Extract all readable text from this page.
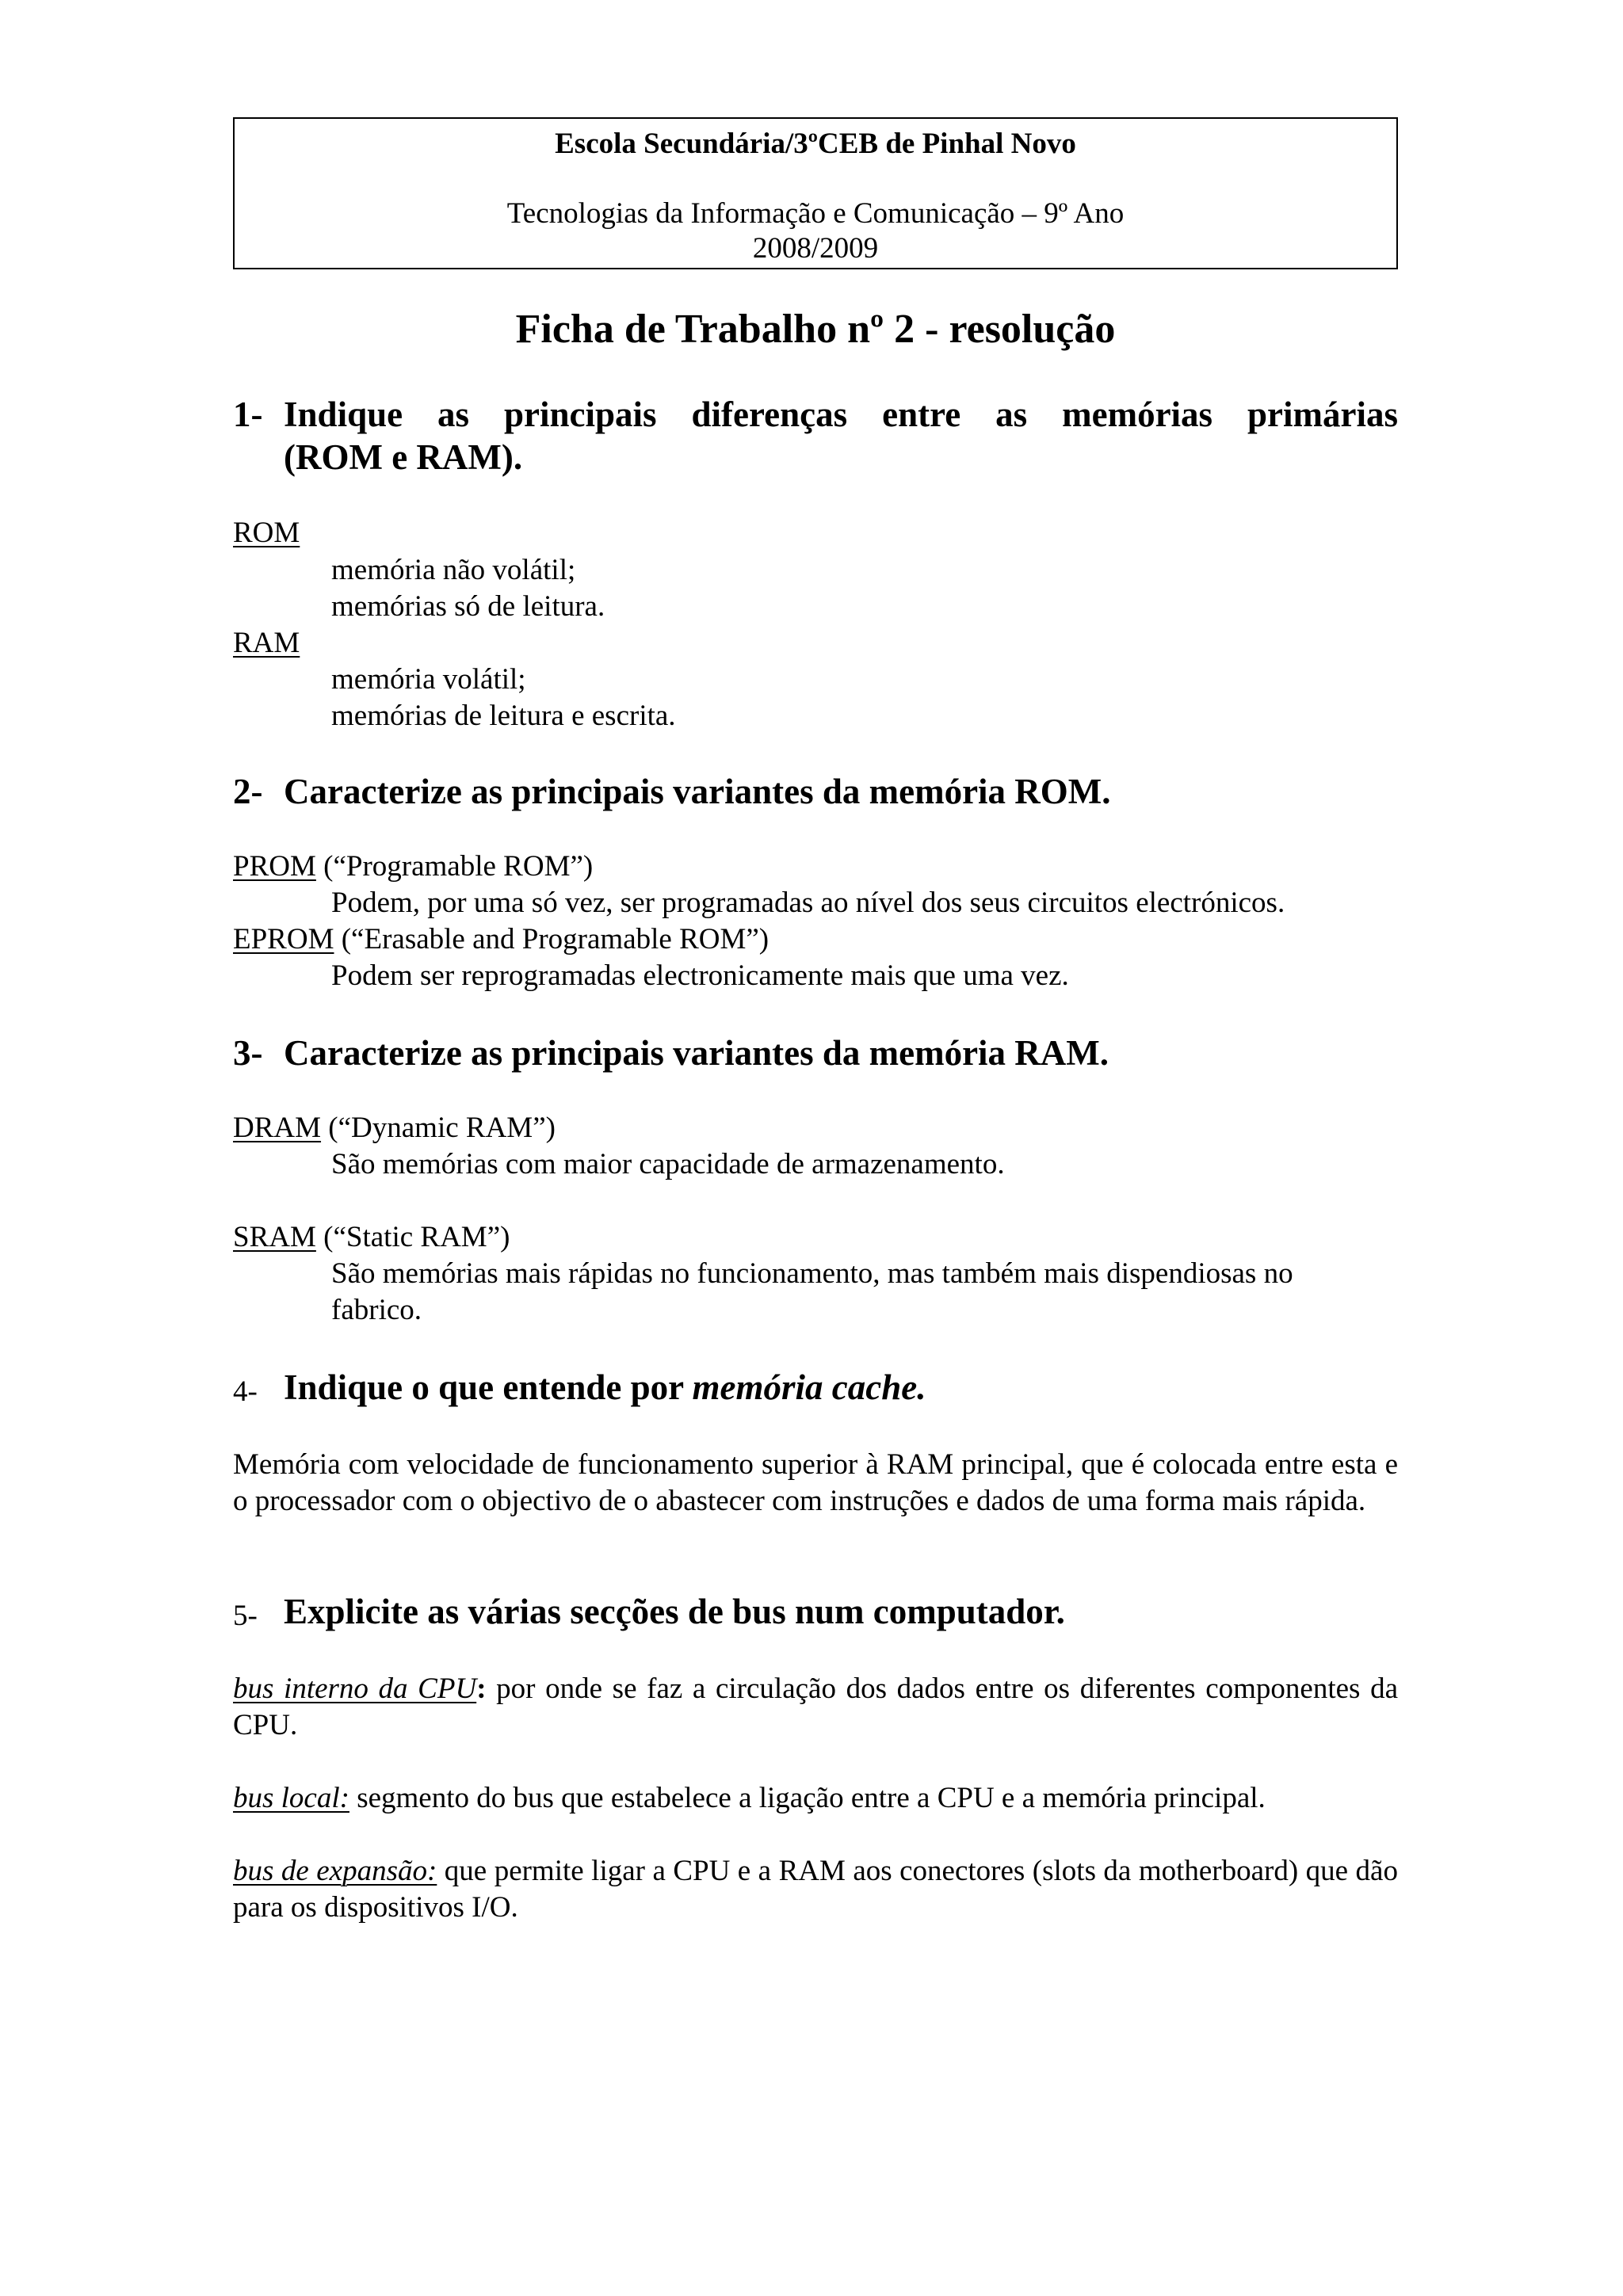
Escola Secundária/3ºCEB de Pinhal Novo
Tecnologias da Informação e Comunicação – 9º Ano
2008/2009
Ficha de Trabalho nº 2 - resolução
1- Indique as principais diferenças entre as memórias primárias
(ROM e RAM).
ROM
memória não volátil;
memórias só de leitura.
RAM
memória volátil;
memórias de leitura e escrita.
2- Caracterize as principais variantes da memória ROM.
PROM (“Programable ROM”)
Podem, por uma só vez, ser programadas ao nível dos seus circuitos electrónicos.
EPROM (“Erasable and Programable ROM”)
Podem ser reprogramadas electronicamente mais que uma vez.
3- Caracterize as principais variantes da memória RAM.
DRAM (“Dynamic RAM”)
São memórias com maior capacidade de armazenamento.
SRAM (“Static RAM”)
São memórias mais rápidas no funcionamento, mas também mais dispendiosas no
fabrico.
4- Indique o que entende por memória cache.
Memória com velocidade de funcionamento superior à RAM principal, que é colocada entre esta e o processador com o objectivo de o abastecer com instruções e dados de uma forma mais rápida.
5- Explicite as várias secções de bus num computador.
bus interno da CPU: por onde se faz a circulação dos dados entre os diferentes componentes da CPU.
bus local: segmento do bus que estabelece a ligação entre a CPU e a memória principal.
bus de expansão: que permite ligar a CPU e a RAM aos conectores (slots da motherboard) que dão para os dispositivos I/O.
